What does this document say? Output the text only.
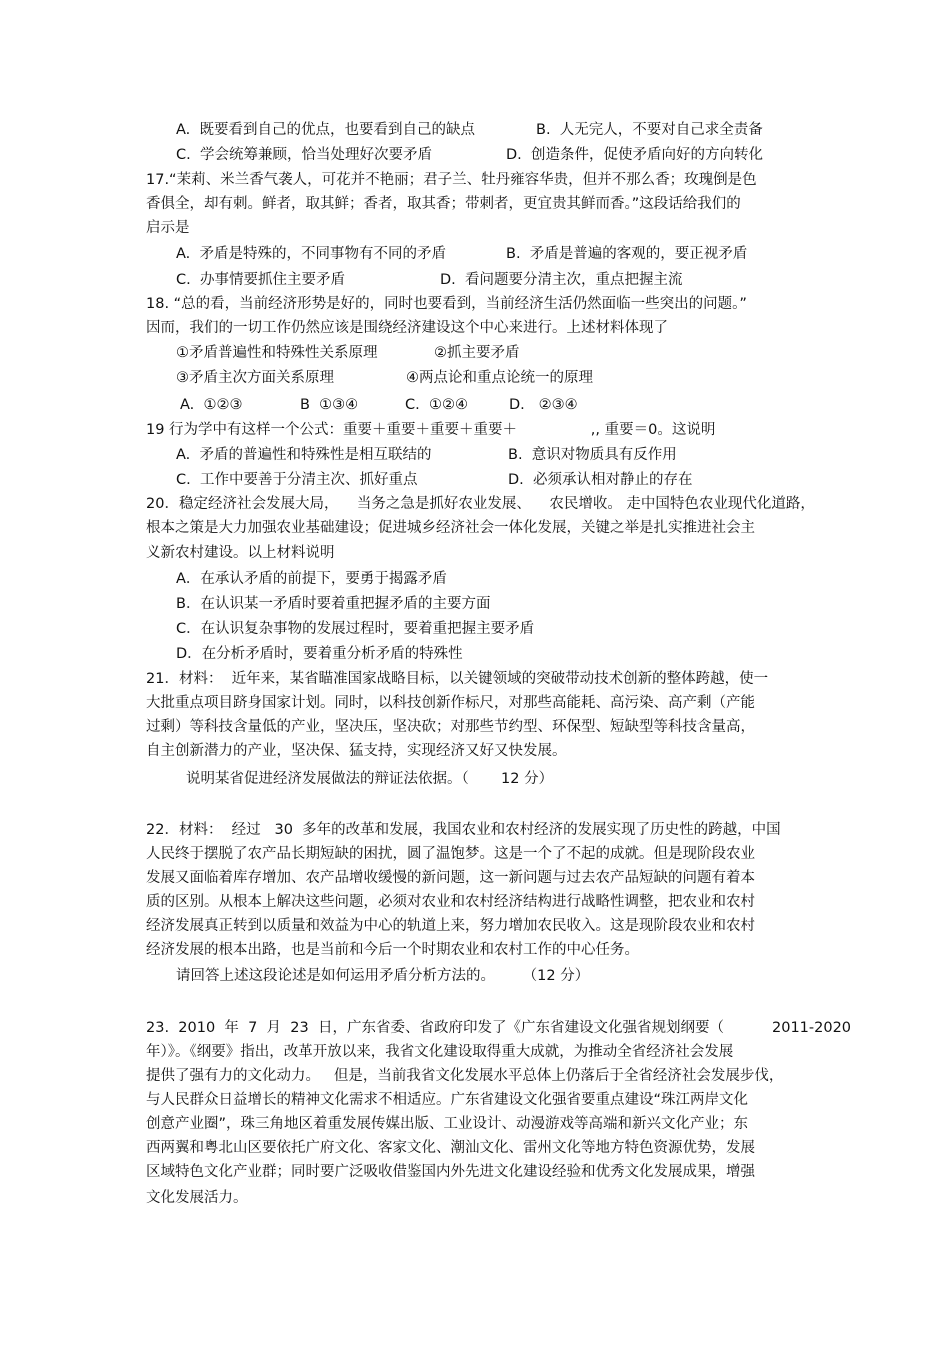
A.  既要看到自己的优点，也要看到自己的缺点	B.  人无完人，不要对自己求全责备
C.  学会统筹兼顾，恰当处理好次要矛盾	D.  创造条件，促使矛盾向好的方向转化
17.“茉莉、米兰香气袭人，可花并不艳丽；君子兰、牡丹雍容华贵，但并不那么香；玫瑰倒是色
香俱全，却有刺。鲜者，取其鲜；香者，取其香；带刺者，更宜贵其鲜而香。”这段话给我们的
启示是
A.  矛盾是特殊的，不同事物有不同的矛盾	B.  矛盾是普遍的客观的，要正视矛盾
C.  办事情要抓住主要矛盾	D.  看问题要分清主次，重点把握主流
18. “总的看，当前经济形势是好的，同时也要看到，当前经济生活仍然面临一些突出的问题。”
因而，我们的一切工作仍然应该是围绕经济建设这个中心来进行。上述材料体现了
①矛盾普遍性和特殊性关系原理	②抓主要矛盾
③矛盾主次方面关系原理	④两点论和重点论统一的原理
A.  ①②③	B  ①③④	C.  ①②④	D.   ②③④
19 行为学中有这样一个公式：重要＋重要＋重要＋重要＋                ,, 重要＝0。这说明
A.  矛盾的普遍性和特殊性是相互联结的	B.  意识对物质具有反作用
C.  工作中要善于分清主次、抓好重点	D.  必须承认相对静止的存在
20．稳定经济社会发展大局，    当务之急是抓好农业发展、    农民增收。 走中国特色农业现代化道路，
根本之策是大力加强农业基础建设；促进城乡经济社会一体化发展，关键之举是扎实推进社会主
义新农村建设。以上材料说明
A．在承认矛盾的前提下，要勇于揭露矛盾
B．在认识某一矛盾时要着重把握矛盾的主要方面
C．在认识复杂事物的发展过程时，要着重把握主要矛盾
D．在分析矛盾时，要着重分析矛盾的特殊性
21．材料：  近年来，某省瞄准国家战略目标，以关键领域的突破带动技术创新的整体跨越，使一
大批重点项目跻身国家计划。同时，以科技创新作标尺，对那些高能耗、高污染、高产剩（产能
过剩）等科技含量低的产业，坚决压，坚决砍；对那些节约型、环保型、短缺型等科技含量高，
自主创新潜力的产业，坚决保、猛支持，实现经济又好又快发展。
说明某省促进经济发展做法的辩证法依据。（       12 分）
22．材料：  经过   30  多年的改革和发展，我国农业和农村经济的发展实现了历史性的跨越，中国
人民终于摆脱了农产品长期短缺的困扰，圆了温饱梦。这是一个了不起的成就。但是现阶段农业
发展又面临着库存增加、农产品增收缓慢的新问题，这一新问题与过去农产品短缺的问题有着本
质的区别。从根本上解决这些问题，必须对农业和农村经济结构进行战略性调整，把农业和农村
经济发展真正转到以质量和效益为中心的轨道上来，努力增加农民收入。这是现阶段农业和农村
经济发展的根本出路，也是当前和今后一个时期农业和农村工作的中心任务。
请回答上述这段论述是如何运用矛盾分析方法的。      （12 分）
23.  2010  年  7  月  23  日，广东省委、省政府印发了《广东省建设文化强省规划纲要（	2011-2020
年）》。《纲要》指出，改革开放以来，我省文化建设取得重大成就，为推动全省经济社会发展
提供了强有力的文化动力。   但是，当前我省文化发展水平总体上仍落后于全省经济社会发展步伐，
与人民群众日益增长的精神文化需求不相适应。广东省建设文化强省要重点建设“珠江两岸文化
创意产业圈”，珠三角地区着重发展传媒出版、工业设计、动漫游戏等高端和新兴文化产业；东
西两翼和粤北山区要依托广府文化、客家文化、潮汕文化、雷州文化等地方特色资源优势，发展
区域特色文化产业群；同时要广泛吸收借鉴国内外先进文化建设经验和优秀文化发展成果，增强
文化发展活力。
